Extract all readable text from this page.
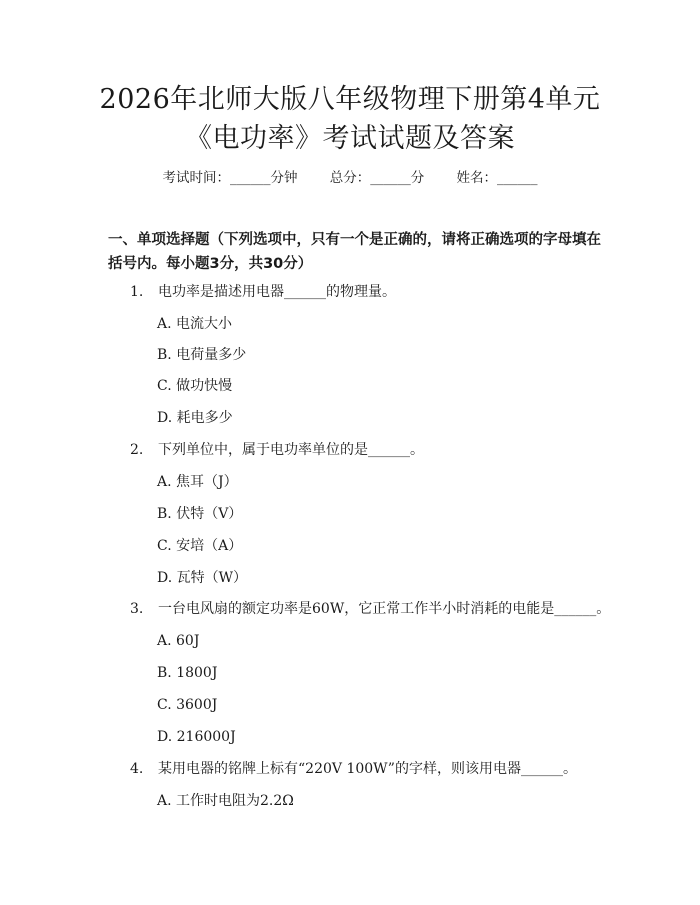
2026年北师大版八年级物理下册第4单元
《电功率》考试试题及答案
考试时间：______分钟 总分：______分 姓名：______
一、单项选择题（下列选项中，只有一个是正确的，请将正确选项的字母填在括号内。每小题3分，共30分）
1. 电功率是描述用电器______的物理量。
A. 电流大小
B. 电荷量多少
C. 做功快慢
D. 耗电多少
2. 下列单位中，属于电功率单位的是______。
A. 焦耳（J）
B. 伏特（V）
C. 安培（A）
D. 瓦特（W）
3. 一台电风扇的额定功率是60W，它正常工作半小时消耗的电能是______。
A. 60J
B. 1800J
C. 3600J
D. 216000J
4. 某用电器的铭牌上标有“220V 100W”的字样，则该用电器______。
A. 工作时电阻为2.2Ω
